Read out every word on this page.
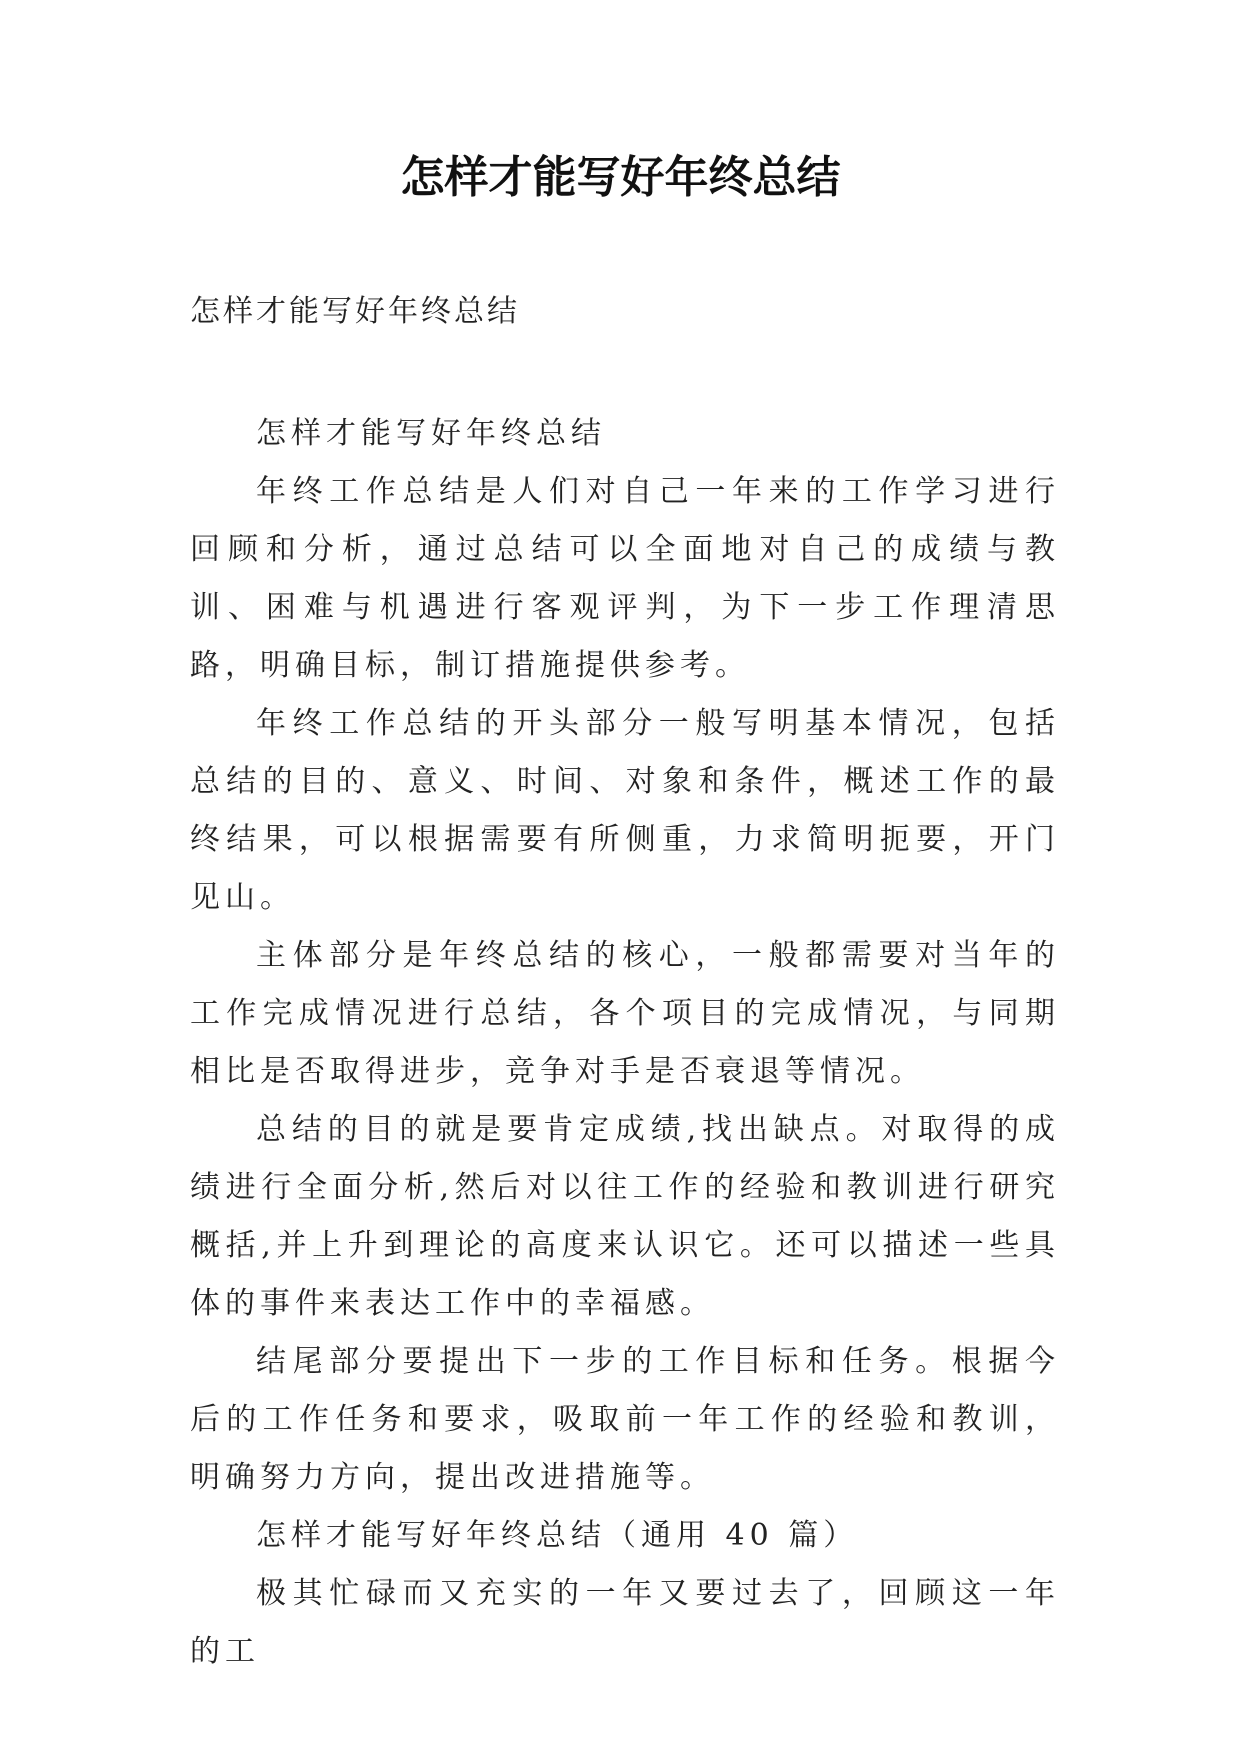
怎样才能写好年终总结

怎样才能写好年终总结

怎样才能写好年终总结

年终工作总结是人们对自己一年来的工作学习进行回顾和分析，通过总结可以全面地对自己的成绩与教训、困难与机遇进行客观评判，为下一步工作理清思路，明确目标，制订措施提供参考。

年终工作总结的开头部分一般写明基本情况，包括总结的目的、意义、时间、对象和条件，概述工作的最终结果，可以根据需要有所侧重，力求简明扼要，开门见山。

主体部分是年终总结的核心，一般都需要对当年的工作完成情况进行总结，各个项目的完成情况，与同期相比是否取得进步，竞争对手是否衰退等情况。

总结的目的就是要肯定成绩,找出缺点。对取得的成绩进行全面分析,然后对以往工作的经验和教训进行研究概括,并上升到理论的高度来认识它。还可以描述一些具体的事件来表达工作中的幸福感。

结尾部分要提出下一步的工作目标和任务。根据今后的工作任务和要求，吸取前一年工作的经验和教训，明确努力方向，提出改进措施等。

怎样才能写好年终总结（通用 40 篇）

极其忙碌而又充实的一年又要过去了，回顾这一年的工
